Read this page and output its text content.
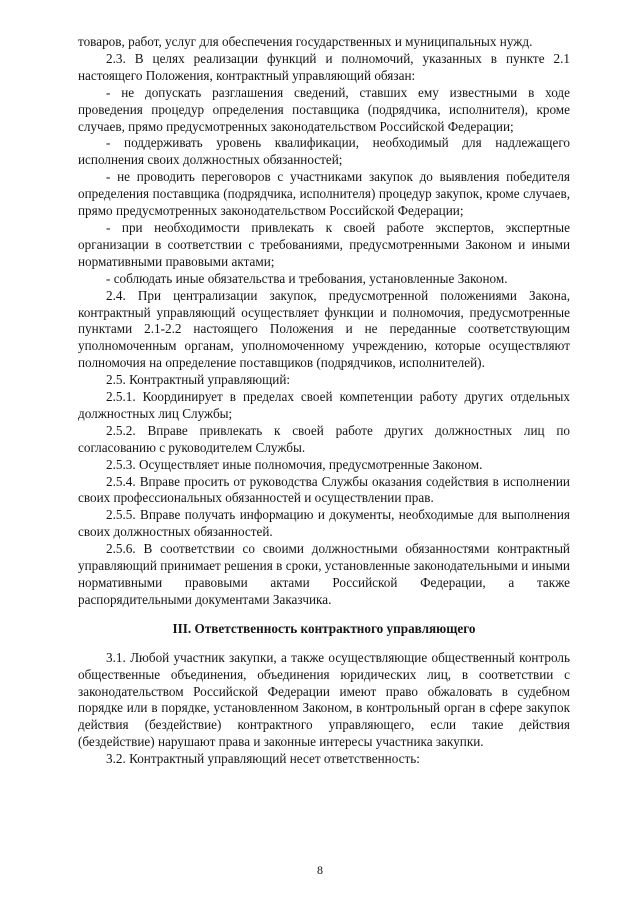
товаров, работ, услуг для обеспечения государственных и муниципальных нужд.

2.3. В целях реализации функций и полномочий, указанных в пункте 2.1 настоящего Положения, контрактный управляющий обязан:

- не допускать разглашения сведений, ставших ему известными в ходе проведения процедур определения поставщика (подрядчика, исполнителя), кроме случаев, прямо предусмотренных законодательством Российской Федерации;

- поддерживать уровень квалификации, необходимый для надлежащего исполнения своих должностных обязанностей;

- не проводить переговоров с участниками закупок до выявления победителя определения поставщика (подрядчика, исполнителя) процедур закупок, кроме случаев, прямо предусмотренных законодательством Российской Федерации;

- при необходимости привлекать к своей работе экспертов, экспертные организации в соответствии с требованиями, предусмотренными Законом и иными нормативными правовыми актами;

- соблюдать иные обязательства и требования, установленные Законом.

2.4. При централизации закупок, предусмотренной положениями Закона, контрактный управляющий осуществляет функции и полномочия, предусмотренные пунктами 2.1-2.2 настоящего Положения и не переданные соответствующим уполномоченным органам, уполномоченному учреждению, которые осуществляют полномочия на определение поставщиков (подрядчиков, исполнителей).

2.5. Контрактный управляющий:

2.5.1. Координирует в пределах своей компетенции работу других отдельных должностных лиц Службы;

2.5.2. Вправе привлекать к своей работе других должностных лиц по согласованию с руководителем Службы.

2.5.3. Осуществляет иные полномочия, предусмотренные Законом.

2.5.4. Вправе просить от руководства Службы оказания содействия в исполнении своих профессиональных обязанностей и осуществлении прав.

2.5.5. Вправе получать информацию и документы, необходимые для выполнения своих должностных обязанностей.

2.5.6. В соответствии со своими должностными обязанностями контрактный управляющий принимает решения в сроки, установленные законодательными и иными нормативными правовыми актами Российской Федерации, а также распорядительными документами Заказчика.

III. Ответственность контрактного управляющего

3.1. Любой участник закупки, а также осуществляющие общественный контроль общественные объединения, объединения юридических лиц, в соответствии с законодательством Российской Федерации имеют право обжаловать в судебном порядке или в порядке, установленном Законом, в контрольный орган в сфере закупок действия (бездействие) контрактного управляющего, если такие действия (бездействие) нарушают права и законные интересы участника закупки.

3.2. Контрактный управляющий несет ответственность:

8
